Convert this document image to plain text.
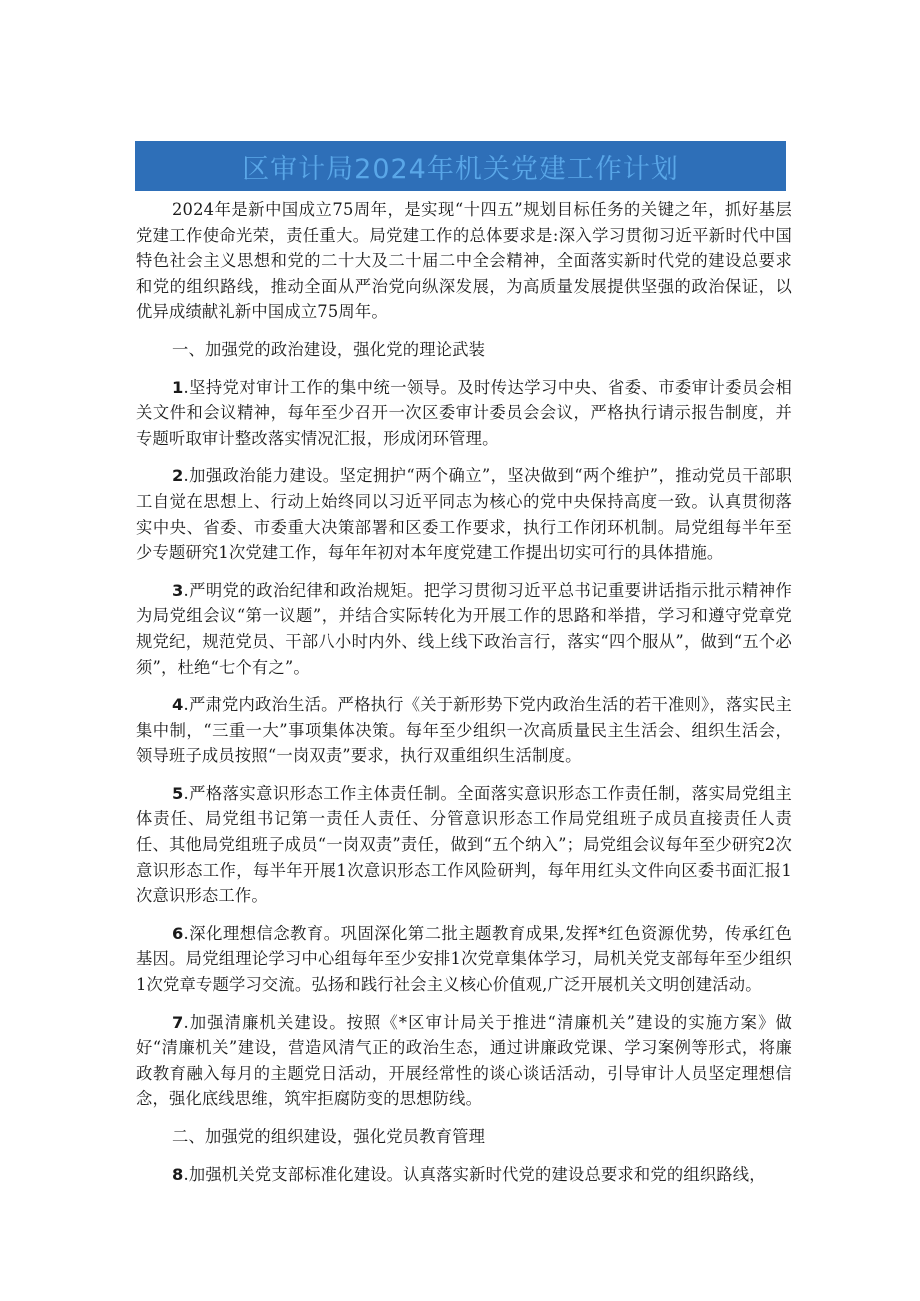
区审计局2024年机关党建工作计划

2024年是新中国成立75周年，是实现“十四五”规划目标任务的关键之年，抓好基层党建工作使命光荣，责任重大。局党建工作的总体要求是:深入学习贯彻习近平新时代中国特色社会主义思想和党的二十大及二十届二中全会精神，全面落实新时代党的建设总要求和党的组织路线，推动全面从严治党向纵深发展，为高质量发展提供坚强的政治保证，以优异成绩献礼新中国成立75周年。

一、加强党的政治建设，强化党的理论武装

1.坚持党对审计工作的集中统一领导。及时传达学习中央、省委、市委审计委员会相关文件和会议精神，每年至少召开一次区委审计委员会会议，严格执行请示报告制度，并专题听取审计整改落实情况汇报，形成闭环管理。

2.加强政治能力建设。坚定拥护“两个确立”，坚决做到“两个维护”，推动党员干部职工自觉在思想上、行动上始终同以习近平同志为核心的党中央保持高度一致。认真贯彻落实中央、省委、市委重大决策部署和区委工作要求，执行工作闭环机制。局党组每半年至少专题研究1次党建工作，每年年初对本年度党建工作提出切实可行的具体措施。

3.严明党的政治纪律和政治规矩。把学习贯彻习近平总书记重要讲话指示批示精神作为局党组会议“第一议题”，并结合实际转化为开展工作的思路和举措，学习和遵守党章党规党纪，规范党员、干部八小时内外、线上线下政治言行，落实“四个服从”，做到“五个必须”，杜绝“七个有之”。

4.严肃党内政治生活。严格执行《关于新形势下党内政治生活的若干准则》，落实民主集中制，“三重一大”事项集体决策。每年至少组织一次高质量民主生活会、组织生活会，领导班子成员按照“一岗双责”要求，执行双重组织生活制度。

5.严格落实意识形态工作主体责任制。全面落实意识形态工作责任制，落实局党组主体责任、局党组书记第一责任人责任、分管意识形态工作局党组班子成员直接责任人责任、其他局党组班子成员“一岗双责”责任，做到“五个纳入”；局党组会议每年至少研究2次意识形态工作，每半年开展1次意识形态工作风险研判，每年用红头文件向区委书面汇报1次意识形态工作。

6.深化理想信念教育。巩固深化第二批主题教育成果,发挥*红色资源优势，传承红色基因。局党组理论学习中心组每年至少安排1次党章集体学习，局机关党支部每年至少组织1次党章专题学习交流。弘扬和践行社会主义核心价值观,广泛开展机关文明创建活动。

7.加强清廉机关建设。按照《*区审计局关于推进“清廉机关”建设的实施方案》做好“清廉机关”建设，营造风清气正的政治生态，通过讲廉政党课、学习案例等形式，将廉政教育融入每月的主题党日活动，开展经常性的谈心谈话活动，引导审计人员坚定理想信念，强化底线思维，筑牢拒腐防变的思想防线。

二、加强党的组织建设，强化党员教育管理

8.加强机关党支部标准化建设。认真落实新时代党的建设总要求和党的组织路线，
